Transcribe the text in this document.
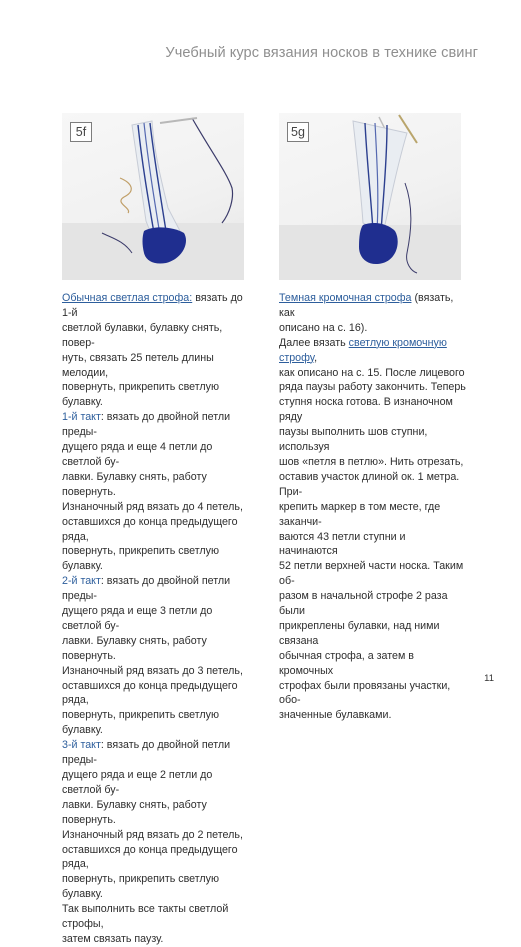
Учебный курс вязания носков в технике свинг
5f	5g

Обычная светлая строфа: вязать до 1-й

светлой булавки, булавку снять, повер-

нуть, связать 25 петель длины мелодии,

повернуть, прикрепить светлую булавку.

1-й такт: вязать до двойной петли преды-

дущего ряда и еще 4 петли до светлой бу-

лавки. Булавку снять, работу повернуть.

Изнаночный ряд вязать до 4 петель,

оставшихся до конца предыдущего ряда,

повернуть, прикрепить светлую булавку.

2-й такт: вязать до двойной петли преды-

дущего ряда и еще 3 петли до светлой бу-

лавки. Булавку снять, работу повернуть.

Изнаночный ряд вязать до 3 петель,

оставшихся до конца предыдущего ряда,

повернуть, прикрепить светлую булавку.

3-й такт: вязать до двойной петли преды-

дущего ряда и еще 2 петли до светлой бу-

лавки. Булавку снять, работу повернуть.

Изнаночный ряд вязать до 2 петель,

оставшихся до конца предыдущего ряда,

повернуть, прикрепить светлую булавку.

Так выполнить все такты светлой строфы,

затем связать паузу.

Темная кромочная строфа (вязать, как

описано на с. 16).

Далее вязать светлую кромочную строфу,

как описано на с. 15. После лицевого

ряда паузы работу закончить. Теперь

ступня носка готова. В изнаночном ряду

паузы выполнить шов ступни, используя

шов «петля в петлю». Нить отрезать,

оставив участок длиной ок. 1 метра. При-

крепить маркер в том месте, где заканчи-

ваются 43 петли ступни и начинаются

52 петли верхней части носка. Таким об-

разом в начальной строфе 2 раза были

прикреплены булавки, над ними связана

обычная строфа, а затем в кромочных

строфах были провязаны участки, обо-

значенные булавками.

11
